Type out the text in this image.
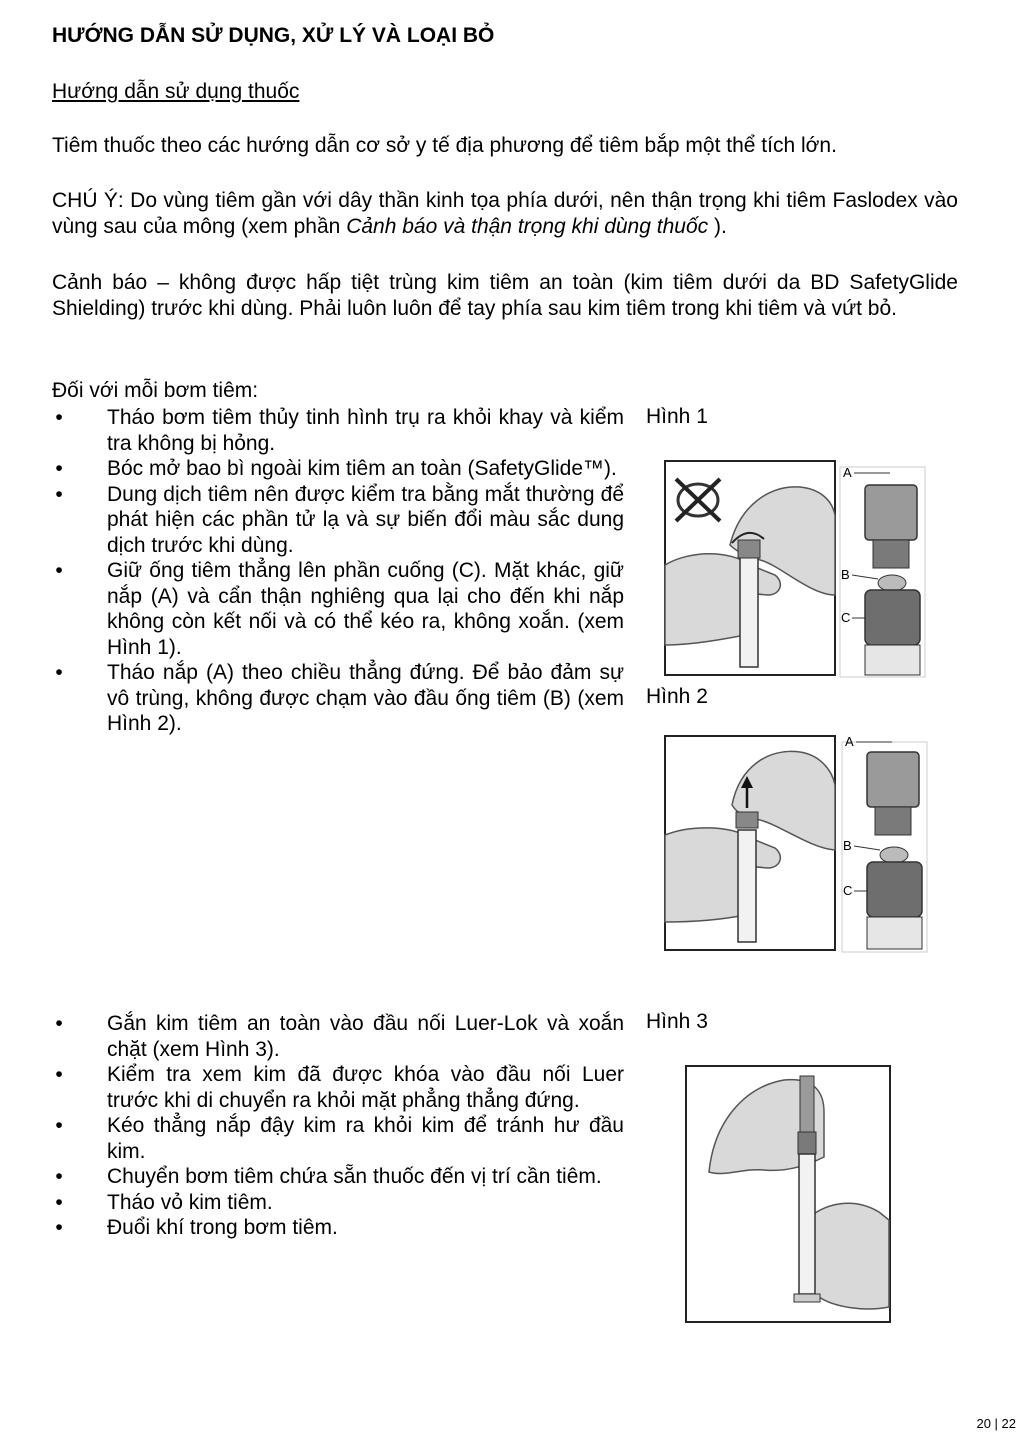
HƯỚNG DẪN SỬ DỤNG, XỬ LÝ VÀ LOẠI BỎ
Hướng dẫn sử dụng thuốc
Tiêm thuốc theo các hướng dẫn cơ sở y tế địa phương để tiêm bắp một thể tích lớn.
CHÚ Ý: Do vùng tiêm gần với dây thần kinh tọa phía dưới, nên thận trọng khi tiêm Faslodex vào vùng sau của mông (xem phần Cảnh báo và thận trọng khi dùng thuốc ).
Cảnh báo – không được hấp tiệt trùng kim tiêm an toàn (kim tiêm dưới da BD SafetyGlide Shielding) trước khi dùng. Phải luôn luôn để tay phía sau kim tiêm trong khi tiêm và vứt bỏ.
Đối với mỗi bơm tiêm:
• Tháo bơm tiêm thủy tinh hình trụ ra khỏi khay và kiểm tra không bị hỏng.
• Bóc mở bao bì ngoài kim tiêm an toàn (SafetyGlide™).
• Dung dịch tiêm nên được kiểm tra bằng mắt thường để phát hiện các phần tử lạ và sự biến đổi màu sắc dung dịch trước khi dùng.
• Giữ ống tiêm thẳng lên phần cuống (C). Mặt khác, giữ nắp (A) và cẩn thận nghiêng qua lại cho đến khi nắp không còn kết nối và có thể kéo ra, không xoắn. (xem Hình 1).
• Tháo nắp (A) theo chiều thẳng đứng. Để bảo đảm sự vô trùng, không được chạm vào đầu ống tiêm (B) (xem Hình 2).
• Gắn kim tiêm an toàn vào đầu nối Luer-Lok và xoắn chặt (xem Hình 3).
• Kiểm tra xem kim đã được khóa vào đầu nối Luer trước khi di chuyển ra khỏi mặt phẳng thẳng đứng.
• Kéo thẳng nắp đậy kim ra khỏi kim để tránh hư đầu kim.
• Chuyển bơm tiêm chứa sẵn thuốc đến vị trí cần tiêm.
• Tháo vỏ kim tiêm.
• Đuổi khí trong bơm tiêm.
Hình 1
Hình 2
Hình 3
A
B
C
A
B
C
20 | 22
